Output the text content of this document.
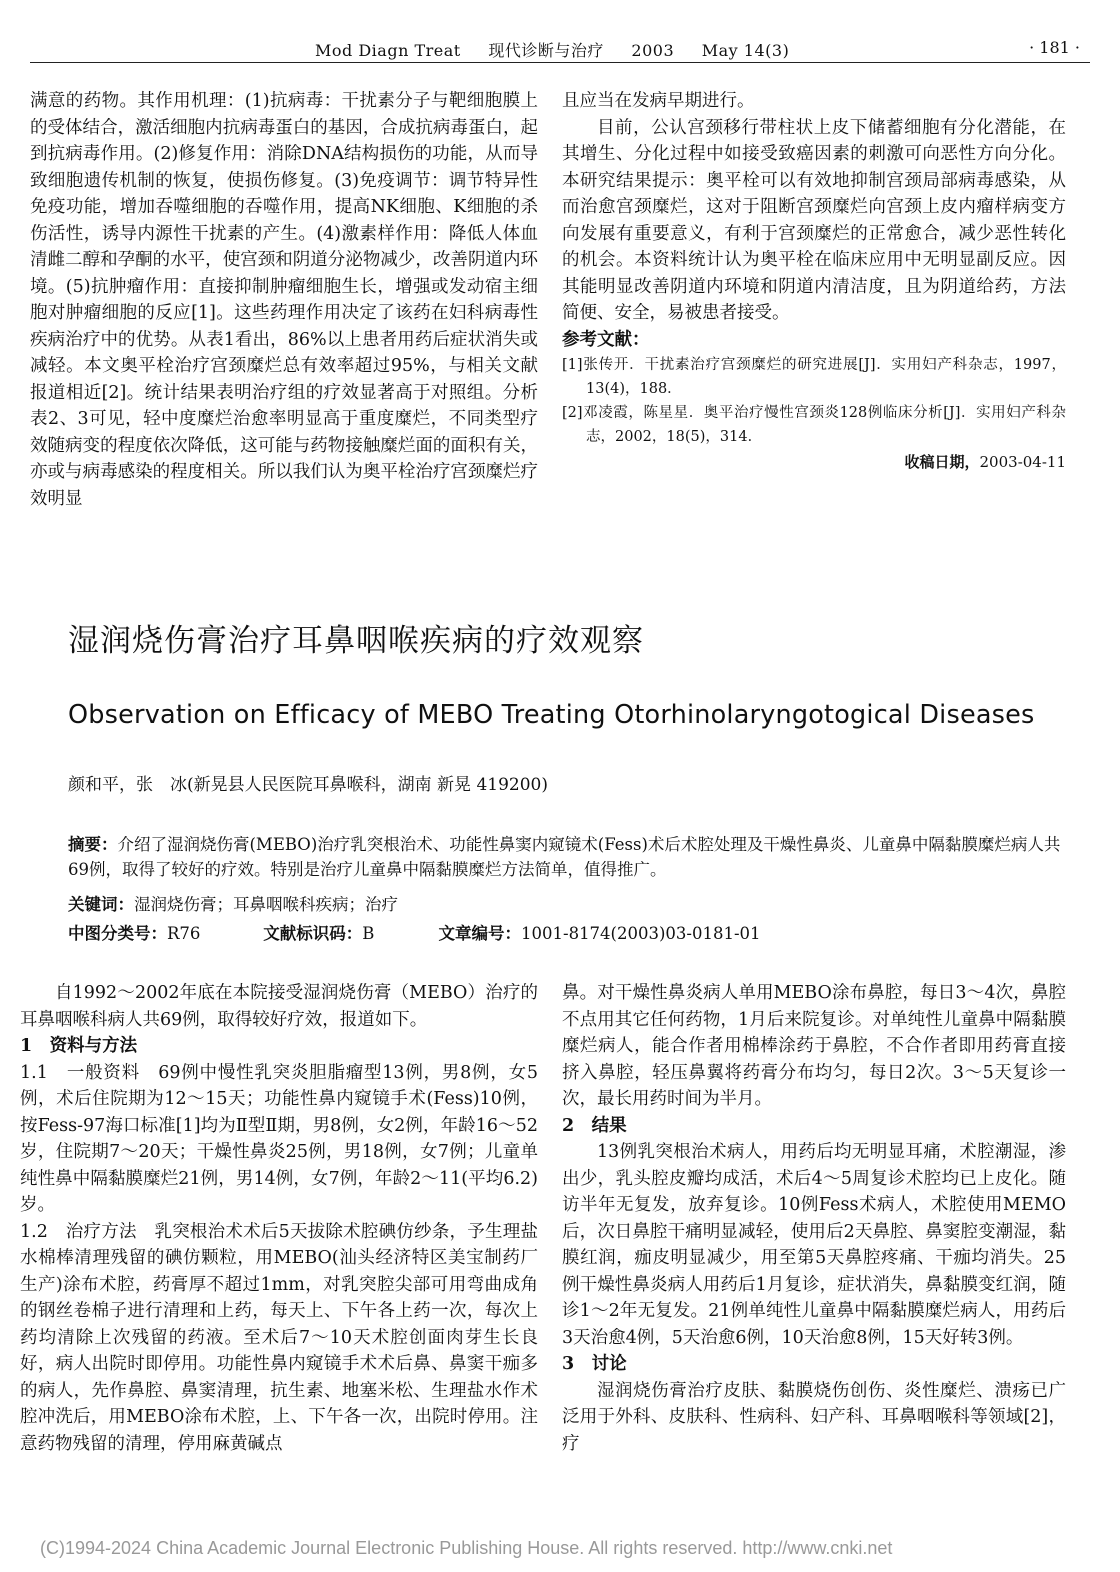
Mod Diagn Treat 现代诊断与治疗 2003 May 14(3)	· 181 ·

满意的药物。其作用机理：(1)抗病毒：干扰素分子与靶细胞膜上的受体结合，激活细胞内抗病毒蛋白的基因，合成抗病毒蛋白，起到抗病毒作用。(2)修复作用：消除DNA结构损伤的功能，从而导致细胞遗传机制的恢复，使损伤修复。(3)免疫调节：调节特异性免疫功能，增加吞噬细胞的吞噬作用，提高NK细胞、K细胞的杀伤活性，诱导内源性干扰素的产生。(4)激素样作用：降低人体血清雌二醇和孕酮的水平，使宫颈和阴道分泌物减少，改善阴道内环境。(5)抗肿瘤作用：直接抑制肿瘤细胞生长，增强或发动宿主细胞对肿瘤细胞的反应[1]。这些药理作用决定了该药在妇科病毒性疾病治疗中的优势。从表1看出，86%以上患者用药后症状消失或减轻。本文奥平栓治疗宫颈糜烂总有效率超过95%，与相关文献报道相近[2]。统计结果表明治疗组的疗效显著高于对照组。分析表2、3可见，轻中度糜烂治愈率明显高于重度糜烂，不同类型疗效随病变的程度依次降低，这可能与药物接触糜烂面的面积有关，亦或与病毒感染的程度相关。所以我们认为奥平栓治疗宫颈糜烂疗效明显

且应当在发病早期进行。

目前，公认宫颈移行带柱状上皮下储蓄细胞有分化潜能，在其增生、分化过程中如接受致癌因素的刺激可向恶性方向分化。本研究结果提示：奥平栓可以有效地抑制宫颈局部病毒感染，从而治愈宫颈糜烂，这对于阻断宫颈糜烂向宫颈上皮内瘤样病变方向发展有重要意义，有利于宫颈糜烂的正常愈合，减少恶性转化的机会。本资料统计认为奥平栓在临床应用中无明显副反应。因其能明显改善阴道内环境和阴道内清洁度，且为阴道给药，方法简便、安全，易被患者接受。

参考文献：

[1]张传开．干扰素治疗宫颈糜烂的研究进展[J]．实用妇产科杂志，1997，13(4)，188．

[2]邓凌霞，陈星星．奥平治疗慢性宫颈炎128例临床分析[J]．实用妇产科杂志，2002，18(5)，314．

收稿日期，2003-04-11

湿润烧伤膏治疗耳鼻咽喉疾病的疗效观察
Observation on Efficacy of MEBO Treating Otorhinolaryngotogical Diseases
颜和平，张　冰(新晃县人民医院耳鼻喉科，湖南 新晃 419200)
摘要：介绍了湿润烧伤膏(MEBO)治疗乳突根治术、功能性鼻窦内窥镜术(Fess)术后术腔处理及干燥性鼻炎、儿童鼻中隔黏膜糜烂病人共69例，取得了较好的疗效。特别是治疗儿童鼻中隔黏膜糜烂方法简单，值得推广。
关键词：湿润烧伤膏；耳鼻咽喉科疾病；治疗
中图分类号：R76	文献标识码：B	文章编号：1001-8174(2003)03-0181-01

自1992～2002年底在本院接受湿润烧伤膏（MEBO）治疗的耳鼻咽喉科病人共69例，取得较好疗效，报道如下。

1　资料与方法

1.1　一般资料　69例中慢性乳突炎胆脂瘤型13例，男8例，女5例，术后住院期为12～15天；功能性鼻内窥镜手术(Fess)10例，按Fess-97海口标准[1]均为Ⅱ型Ⅱ期，男8例，女2例，年龄16～52岁，住院期7～20天；干燥性鼻炎25例，男18例，女7例；儿童单纯性鼻中隔黏膜糜烂21例，男14例，女7例，年龄2～11(平均6.2)岁。

1.2　治疗方法　乳突根治术术后5天拔除术腔碘仿纱条，予生理盐水棉棒清理残留的碘仿颗粒，用MEBO(汕头经济特区美宝制药厂生产)涂布术腔，药膏厚不超过1mm，对乳突腔尖部可用弯曲成角的钢丝卷棉子进行清理和上药，每天上、下午各上药一次，每次上药均清除上次残留的药液。至术后7～10天术腔创面肉芽生长良好，病人出院时即停用。功能性鼻内窥镜手术术后鼻、鼻窦干痂多的病人，先作鼻腔、鼻窦清理，抗生素、地塞米松、生理盐水作术腔冲洗后，用MEBO涂布术腔，上、下午各一次，出院时停用。注意药物残留的清理，停用麻黄碱点

鼻。对干燥性鼻炎病人单用MEBO涂布鼻腔，每日3～4次，鼻腔不点用其它任何药物，1月后来院复诊。对单纯性儿童鼻中隔黏膜糜烂病人，能合作者用棉棒涂药于鼻腔，不合作者即用药膏直接挤入鼻腔，轻压鼻翼将药膏分布均匀，每日2次。3～5天复诊一次，最长用药时间为半月。

2　结果

13例乳突根治术病人，用药后均无明显耳痛，术腔潮湿，渗出少，乳头腔皮瓣均成活，术后4～5周复诊术腔均已上皮化。随访半年无复发，放弃复诊。10例Fess术病人，术腔使用MEMO后，次日鼻腔干痛明显减轻，使用后2天鼻腔、鼻窦腔变潮湿，黏膜红润，痂皮明显减少，用至第5天鼻腔疼痛、干痂均消失。25例干燥性鼻炎病人用药后1月复诊，症状消失，鼻黏膜变红润，随诊1～2年无复发。21例单纯性儿童鼻中隔黏膜糜烂病人，用药后3天治愈4例，5天治愈6例，10天治愈8例，15天好转3例。

3　讨论

湿润烧伤膏治疗皮肤、黏膜烧伤创伤、炎性糜烂、溃疡已广泛用于外科、皮肤科、性病科、妇产科、耳鼻咽喉科等领域[2]，疗

(C)1994-2024 China Academic Journal Electronic Publishing House. All rights reserved. http://www.cnki.net
